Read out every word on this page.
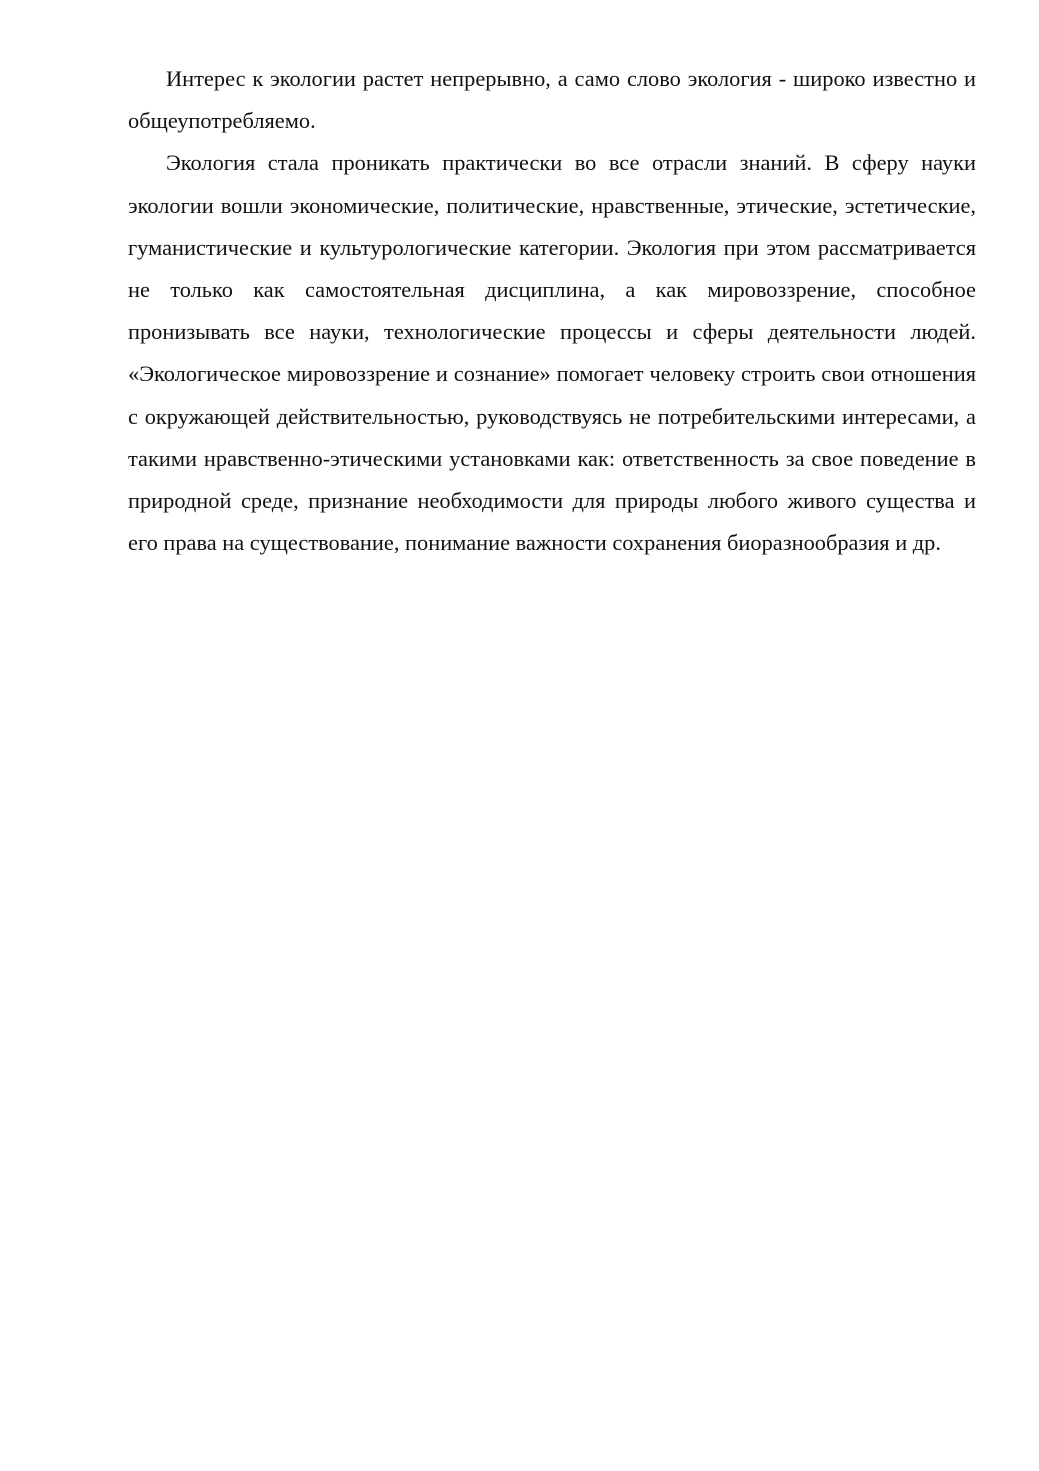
Интерес к экологии растет непрерывно, а само слово экология - широко известно и общеупотребляемо.

Экология стала проникать практически во все отрасли знаний. В сферу науки экологии вошли экономические, политические, нравственные, этические, эстетические, гуманистические и культурологические категории. Экология при этом рассматривается не только как самостоятельная дисциплина, а как мировоззрение, способное пронизывать все науки, технологические процессы и сферы деятельности людей. «Экологическое мировоззрение и сознание» помогает человеку строить свои отношения с окружающей действительностью, руководствуясь не потребительскими интересами, а такими нравственно-этическими установками как: ответственность за свое поведение в природной среде, признание необходимости для природы любого живого существа и его права на существование, понимание важности сохранения биоразнообразия и др.
